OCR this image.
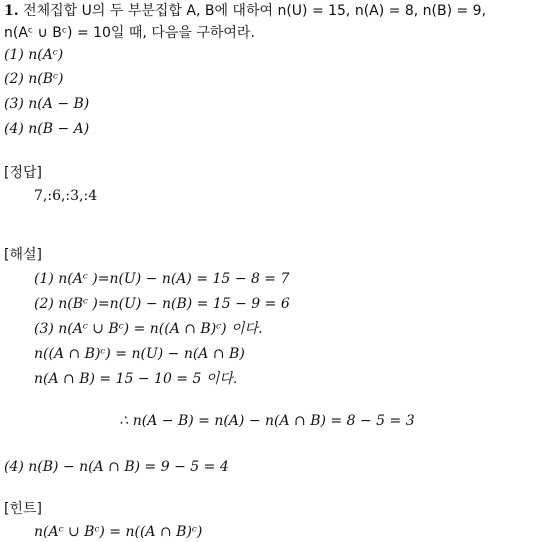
1. 전체집합 U의 두 부분집합 A, B에 대하여 n(U) = 15, n(A) = 8, n(B) = 9,
n(Aᶜ ∪ Bᶜ) = 10일 때, 다음을 구하여라.
(1) n(Aᶜ)
(2) n(Bᶜ)
(3) n(A − B)
(4) n(B − A)
[정답]
7,:6,:3,:4
[해설]
(1) n(Aᶜ )=n(U) − n(A) = 15 − 8 = 7
(2) n(Bᶜ )=n(U) − n(B) = 15 − 9 = 6
(3) n(Aᶜ ∪ Bᶜ) = n((A ∩ B)ᶜ) 이다.
n((A ∩ B)ᶜ) = n(U) − n(A ∩ B)
n(A ∩ B) = 15 − 10 = 5 이다.
∴ n(A − B) = n(A) − n(A ∩ B) = 8 − 5 = 3
(4) n(B) − n(A ∩ B) = 9 − 5 = 4
[힌트]
n(Aᶜ ∪ Bᶜ) = n((A ∩ B)ᶜ)
